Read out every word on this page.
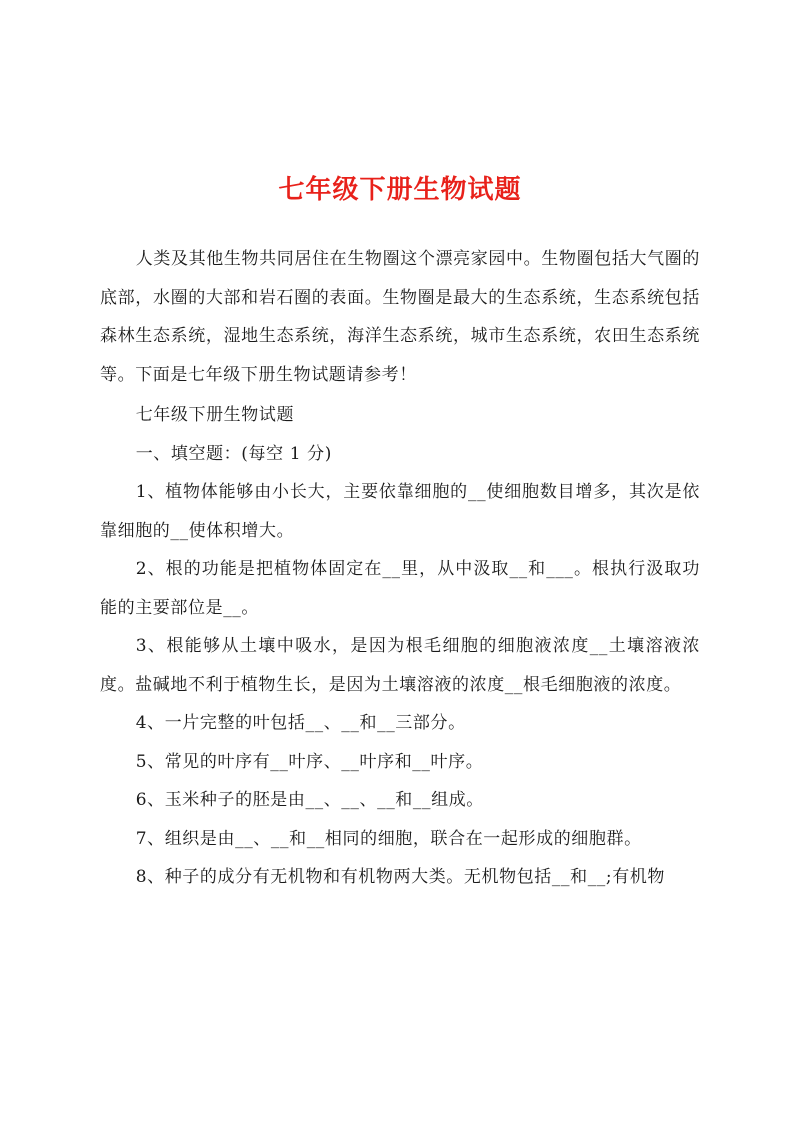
七年级下册生物试题

人类及其他生物共同居住在生物圈这个漂亮家园中。生物圈包括大气圈的底部，水圈的大部和岩石圈的表面。生物圈是最大的生态系统，生态系统包括森林生态系统，湿地生态系统，海洋生态系统，城市生态系统，农田生态系统等。下面是七年级下册生物试题请参考！

七年级下册生物试题

一、填空题：(每空 1 分)

1、植物体能够由小长大，主要依靠细胞的__使细胞数目增多，其次是依靠细胞的__使体积增大。

2、根的功能是把植物体固定在__里，从中汲取__和___。根执行汲取功能的主要部位是__。

3、根能够从土壤中吸水，是因为根毛细胞的细胞液浓度__土壤溶液浓度。盐碱地不利于植物生长，是因为土壤溶液的浓度__根毛细胞液的浓度。

4、一片完整的叶包括__、__和__三部分。

5、常见的叶序有__叶序、__叶序和__叶序。

6、玉米种子的胚是由__、__、__和__组成。

7、组织是由__、__和__相同的细胞，联合在一起形成的细胞群。

8、种子的成分有无机物和有机物两大类。无机物包括__和__;有机物
